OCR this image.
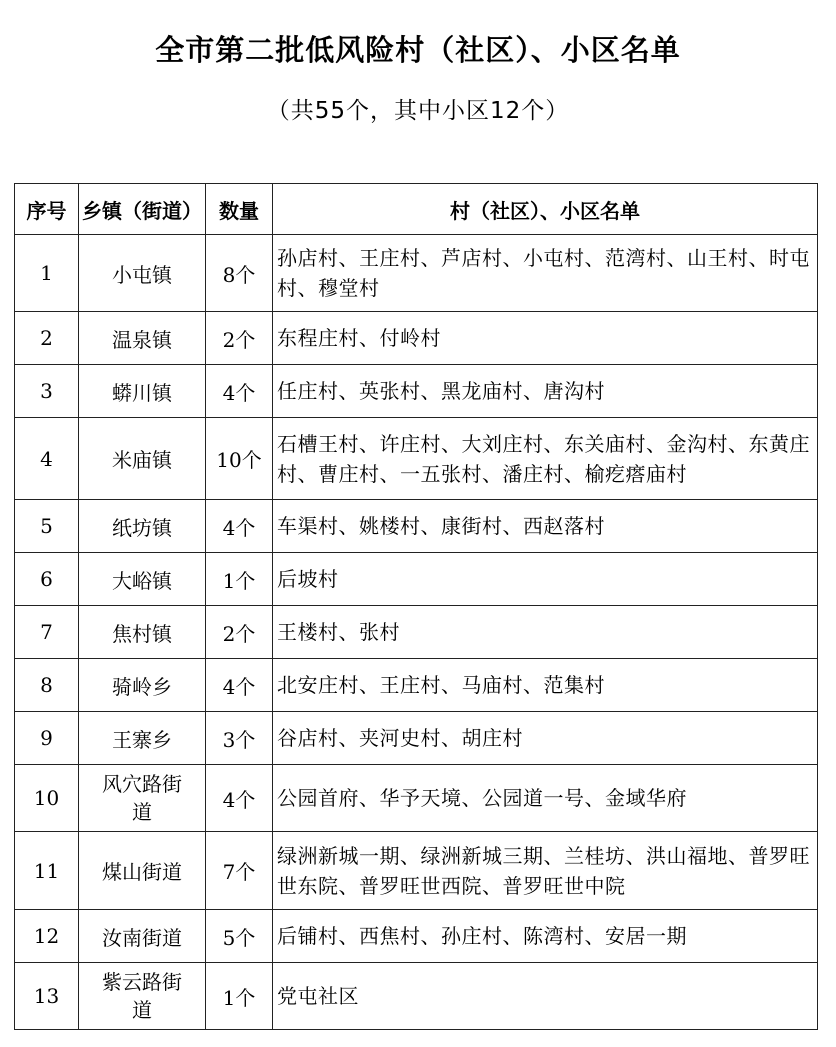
全市第二批低风险村（社区）、小区名单
（共55个，其中小区12个）
序号	乡镇（街道）	数量	村（社区）、小区名单
1	小屯镇	8个	孙店村、王庄村、芦店村、小屯村、范湾村、山王村、时屯村、穆堂村
2	温泉镇	2个	东程庄村、付岭村
3	蟒川镇	4个	任庄村、英张村、黑龙庙村、唐沟村
4	米庙镇	10个	石槽王村、许庄村、大刘庄村、东关庙村、金沟村、东黄庄村、曹庄村、一五张村、潘庄村、榆疙瘩庙村
5	纸坊镇	4个	车渠村、姚楼村、康街村、西赵落村
6	大峪镇	1个	后坡村
7	焦村镇	2个	王楼村、张村
8	骑岭乡	4个	北安庄村、王庄村、马庙村、范集村
9	王寨乡	3个	谷店村、夹河史村、胡庄村
10	风穴路街道	4个	公园首府、华予天境、公园道一号、金域华府
11	煤山街道	7个	绿洲新城一期、绿洲新城三期、兰桂坊、洪山福地、普罗旺世东院、普罗旺世西院、普罗旺世中院
12	汝南街道	5个	后铺村、西焦村、孙庄村、陈湾村、安居一期
13	紫云路街道	1个	党屯社区
